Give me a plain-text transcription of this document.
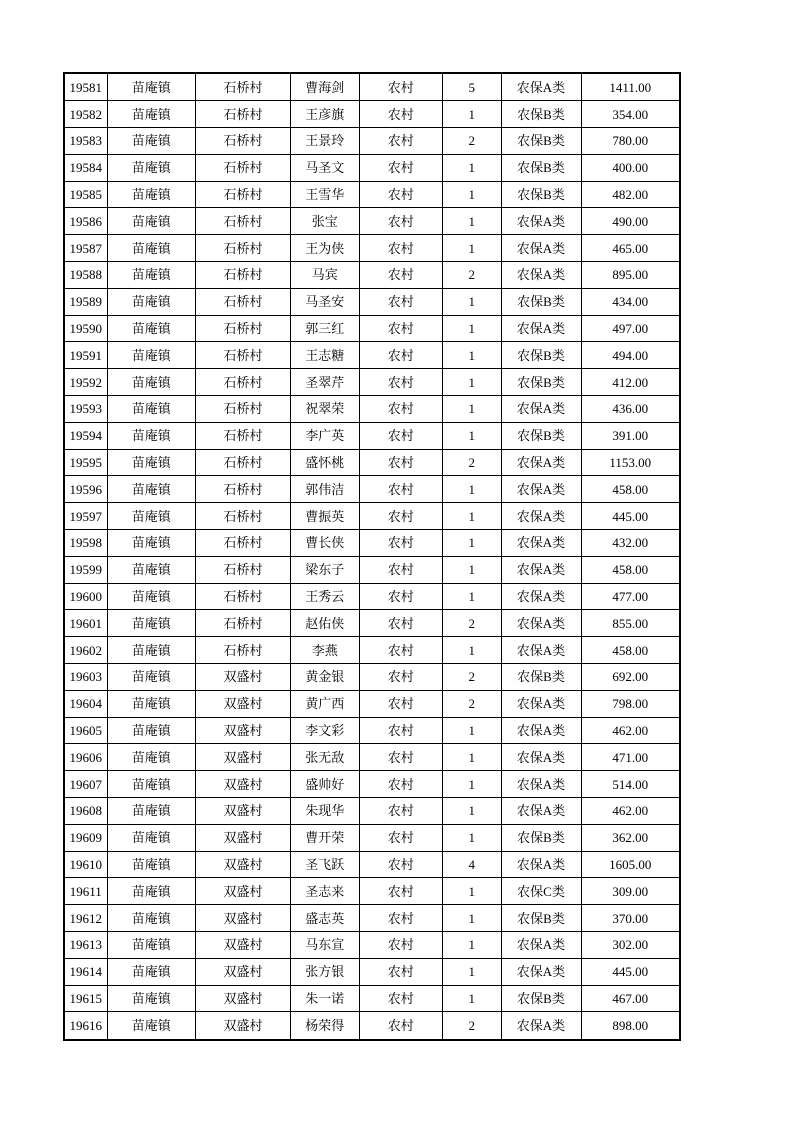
19581	苗庵镇	石桥村	曹海剑	农村	5	农保A类	1411.00
19582	苗庵镇	石桥村	王彦旗	农村	1	农保B类	354.00
19583	苗庵镇	石桥村	王景玲	农村	2	农保B类	780.00
19584	苗庵镇	石桥村	马圣文	农村	1	农保B类	400.00
19585	苗庵镇	石桥村	王雪华	农村	1	农保B类	482.00
19586	苗庵镇	石桥村	张宝	农村	1	农保A类	490.00
19587	苗庵镇	石桥村	王为侠	农村	1	农保A类	465.00
19588	苗庵镇	石桥村	马宾	农村	2	农保A类	895.00
19589	苗庵镇	石桥村	马圣安	农村	1	农保B类	434.00
19590	苗庵镇	石桥村	郭三红	农村	1	农保A类	497.00
19591	苗庵镇	石桥村	王志糖	农村	1	农保B类	494.00
19592	苗庵镇	石桥村	圣翠芹	农村	1	农保B类	412.00
19593	苗庵镇	石桥村	祝翠荣	农村	1	农保A类	436.00
19594	苗庵镇	石桥村	李广英	农村	1	农保B类	391.00
19595	苗庵镇	石桥村	盛怀桃	农村	2	农保A类	1153.00
19596	苗庵镇	石桥村	郭伟洁	农村	1	农保A类	458.00
19597	苗庵镇	石桥村	曹振英	农村	1	农保A类	445.00
19598	苗庵镇	石桥村	曹长侠	农村	1	农保A类	432.00
19599	苗庵镇	石桥村	梁东子	农村	1	农保A类	458.00
19600	苗庵镇	石桥村	王秀云	农村	1	农保A类	477.00
19601	苗庵镇	石桥村	赵佑侠	农村	2	农保A类	855.00
19602	苗庵镇	石桥村	李燕	农村	1	农保A类	458.00
19603	苗庵镇	双盛村	黄金银	农村	2	农保B类	692.00
19604	苗庵镇	双盛村	黄广西	农村	2	农保A类	798.00
19605	苗庵镇	双盛村	李文彩	农村	1	农保A类	462.00
19606	苗庵镇	双盛村	张无敌	农村	1	农保A类	471.00
19607	苗庵镇	双盛村	盛帅好	农村	1	农保A类	514.00
19608	苗庵镇	双盛村	朱现华	农村	1	农保A类	462.00
19609	苗庵镇	双盛村	曹开荣	农村	1	农保B类	362.00
19610	苗庵镇	双盛村	圣飞跃	农村	4	农保A类	1605.00
19611	苗庵镇	双盛村	圣志来	农村	1	农保C类	309.00
19612	苗庵镇	双盛村	盛志英	农村	1	农保B类	370.00
19613	苗庵镇	双盛村	马东宣	农村	1	农保A类	302.00
19614	苗庵镇	双盛村	张方银	农村	1	农保A类	445.00
19615	苗庵镇	双盛村	朱一诺	农村	1	农保B类	467.00
19616	苗庵镇	双盛村	杨荣得	农村	2	农保A类	898.00
